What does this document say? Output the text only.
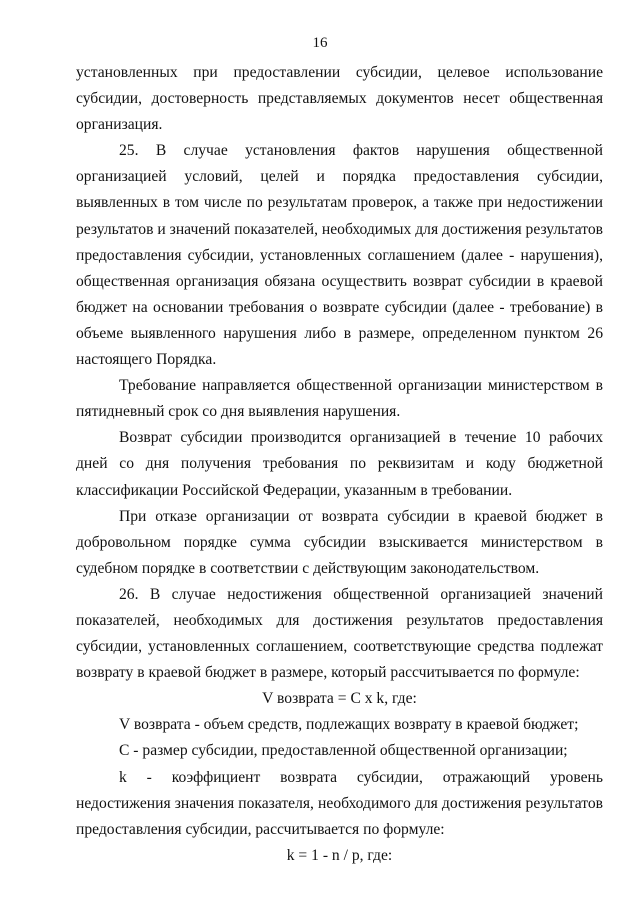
16

установленных при предоставлении субсидии, целевое использование субсидии, достоверность представляемых документов несет общественная организация.

25. В случае установления фактов нарушения общественной организацией условий, целей и порядка предоставления субсидии, выявленных в том числе по результатам проверок, а также при недостижении результатов и значений показателей, необходимых для достижения результатов предоставления субсидии, установленных соглашением (далее - нарушения), общественная организация обязана осуществить возврат субсидии в краевой бюджет на основании требования о возврате субсидии (далее - требование) в объеме выявленного нарушения либо в размере, определенном пунктом 26 настоящего Порядка.

Требование направляется общественной организации министерством в пятидневный срок со дня выявления нарушения.

Возврат субсидии производится организацией в течение 10 рабочих дней со дня получения требования по реквизитам и коду бюджетной классификации Российской Федерации, указанным в требовании.

При отказе организации от возврата субсидии в краевой бюджет в добровольном порядке сумма субсидии взыскивается министерством в судебном порядке в соответствии с действующим законодательством.

26. В случае недостижения общественной организацией значений показателей, необходимых для достижения результатов предоставления субсидии, установленных соглашением, соответствующие средства подлежат возврату в краевой бюджет в размере, который рассчитывается по формуле:

V возврата = C x k, где:

V возврата - объем средств, подлежащих возврату в краевой бюджет;

C - размер субсидии, предоставленной общественной организации;

k - коэффициент возврата субсидии, отражающий уровень недостижения значения показателя, необходимого для достижения результатов предоставления субсидии, рассчитывается по формуле:

k = 1 - n / p, где:
